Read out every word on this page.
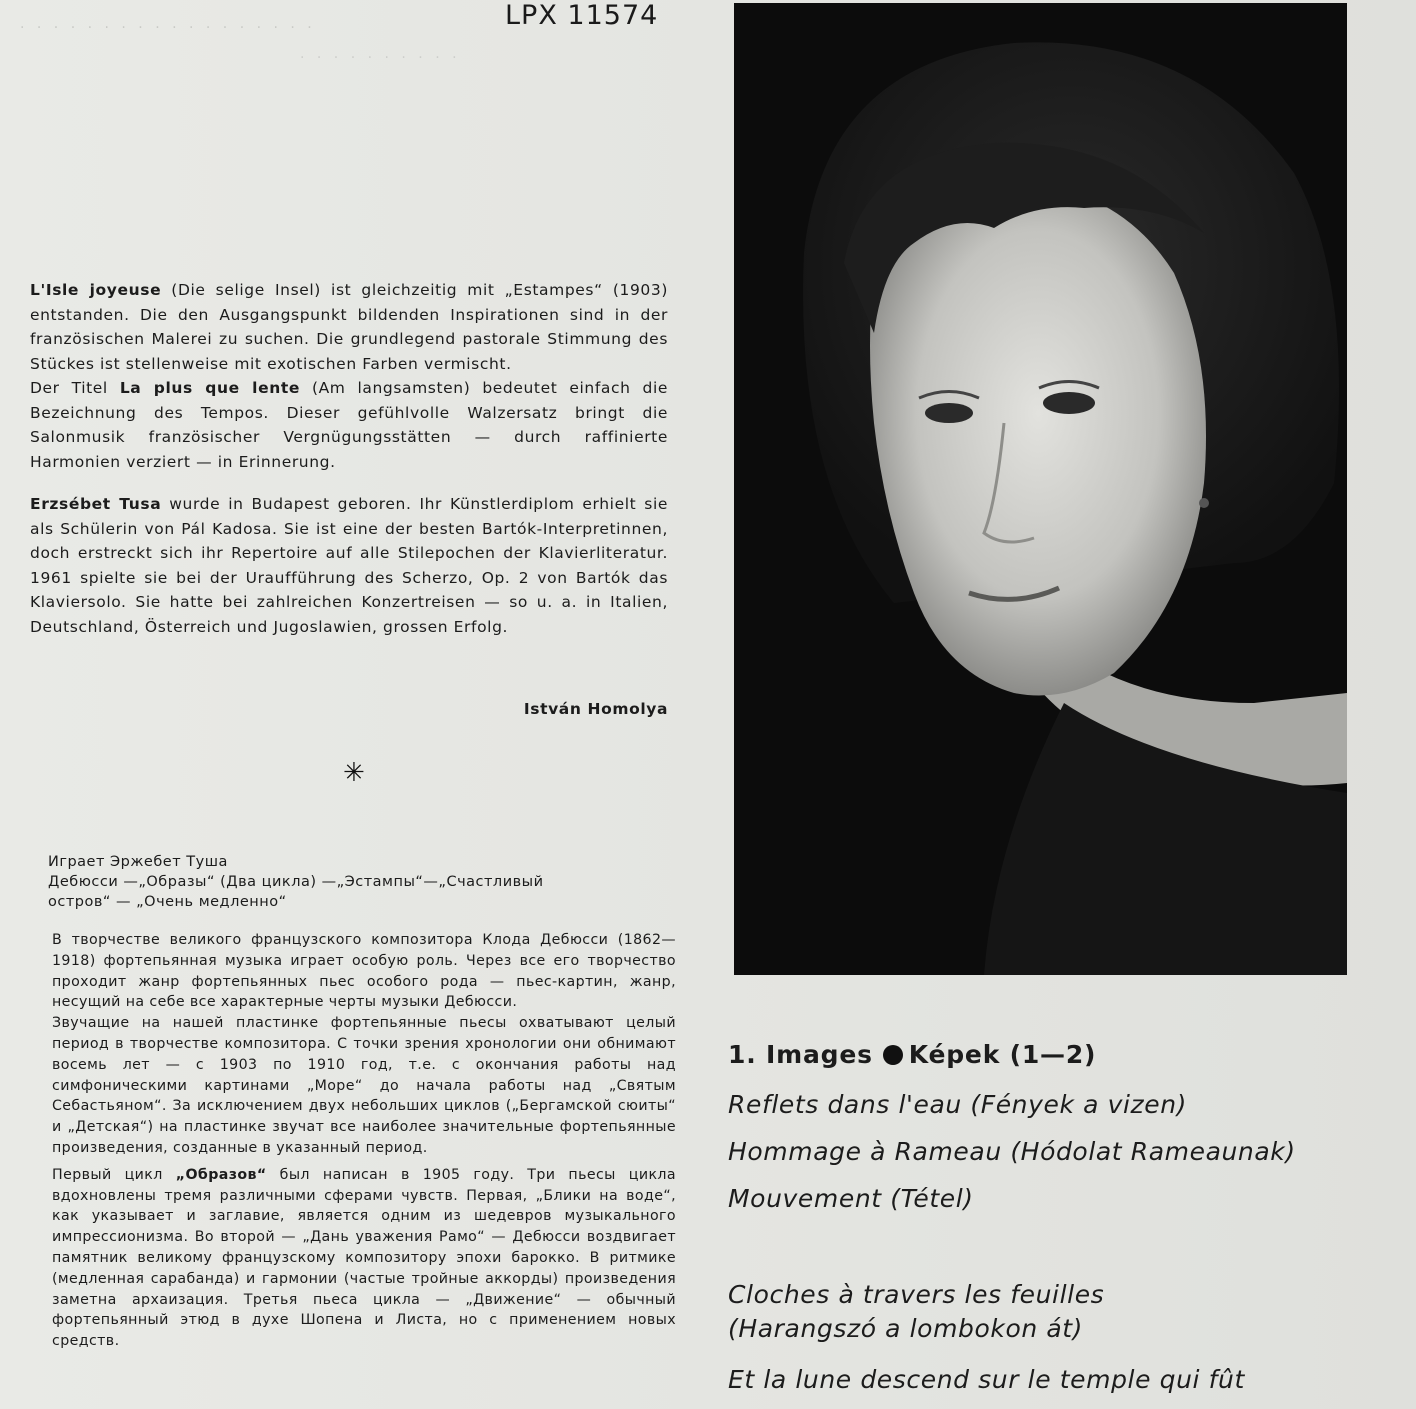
· · · · · · · · · · · · · · · · · ·
· · · · · · · · · ·
LPX 11574

L'Isle joyeuse (Die selige Insel) ist gleichzeitig mit „Estampes“ (1903) entstanden. Die den Ausgangspunkt bildenden Inspirationen sind in der französischen Malerei zu suchen. Die grundlegend pastorale Stimmung des Stückes ist stellenweise mit exotischen Farben vermischt.

Der Titel La plus que lente (Am langsamsten) bedeutet einfach die Bezeichnung des Tempos. Dieser gefühlvolle Walzersatz bringt die Salonmusik französischer Vergnügungsstätten — durch raffinierte Harmonien verziert — in Erinnerung.

Erzsébet Tusa wurde in Budapest geboren. Ihr Künstlerdiplom erhielt sie als Schülerin von Pál Kadosa. Sie ist eine der besten Bartók-Interpretinnen, doch erstreckt sich ihr Repertoire auf alle Stilepochen der Klavierliteratur. 1961 spielte sie bei der Uraufführung des Scherzo, Op. 2 von Bartók das Klaviersolo. Sie hatte bei zahlreichen Konzertreisen — so u. a. in Italien, Deutschland, Österreich und Jugoslawien, grossen Erfolg.

István Homolya
✳
Играет Эржебет Туша
Дебюсси —„Образы“ (Два цикла) —„Эстампы“—„Счастливый
остров“ — „Очень медленно“

В творчестве великого французского композитора Клода Дебюсси (1862—1918) фортепьянная музыка играет особую роль. Через все его творчество проходит жанр фортепьянных пьес особого рода — пьес-картин, жанр, несущий на себе все характерные черты музыки Дебюсси.

Звучащие на нашей пластинке фортепьянные пьесы охватывают целый период в творчестве композитора. С точки зрения хронологии они обнимают восемь лет — с 1903 по 1910 год, т.е. с окончания работы над симфоническими картинами „Море“ до начала работы над „Святым Себастьяном“. За исключением двух небольших циклов („Бергамской сюиты“ и „Детская“) на пластинке звучат все наиболее значительные фортепьянные произведения, созданные в указанный период.

Первый цикл „Образов“ был написан в 1905 году. Три пьесы цикла вдохновлены тремя различными сферами чувств. Первая, „Блики на воде“, как указывает и заглавие, является одним из шедевров музыкального импрессионизма. Во второй — „Дань уважения Рамо“ — Дебюсси воздвигает памятник великому французскому композитору эпохи барокко. В ритмике (медленная сарабанда) и гармонии (частые тройные аккорды) произведения заметна архаизация. Третья пьеса цикла — „Движение“ — обычный фортепьянный этюд в духе Шопена и Листа, но с применением новых средств.

1. Images Képek (1—2)
Reflets dans l'eau (Fények a vizen)
Hommage à Rameau (Hódolat Rameaunak)
Mouvement (Tétel)
Cloches à travers les feuilles
(Harangszó a lombokon át)
Et la lune descend sur le temple qui fût
